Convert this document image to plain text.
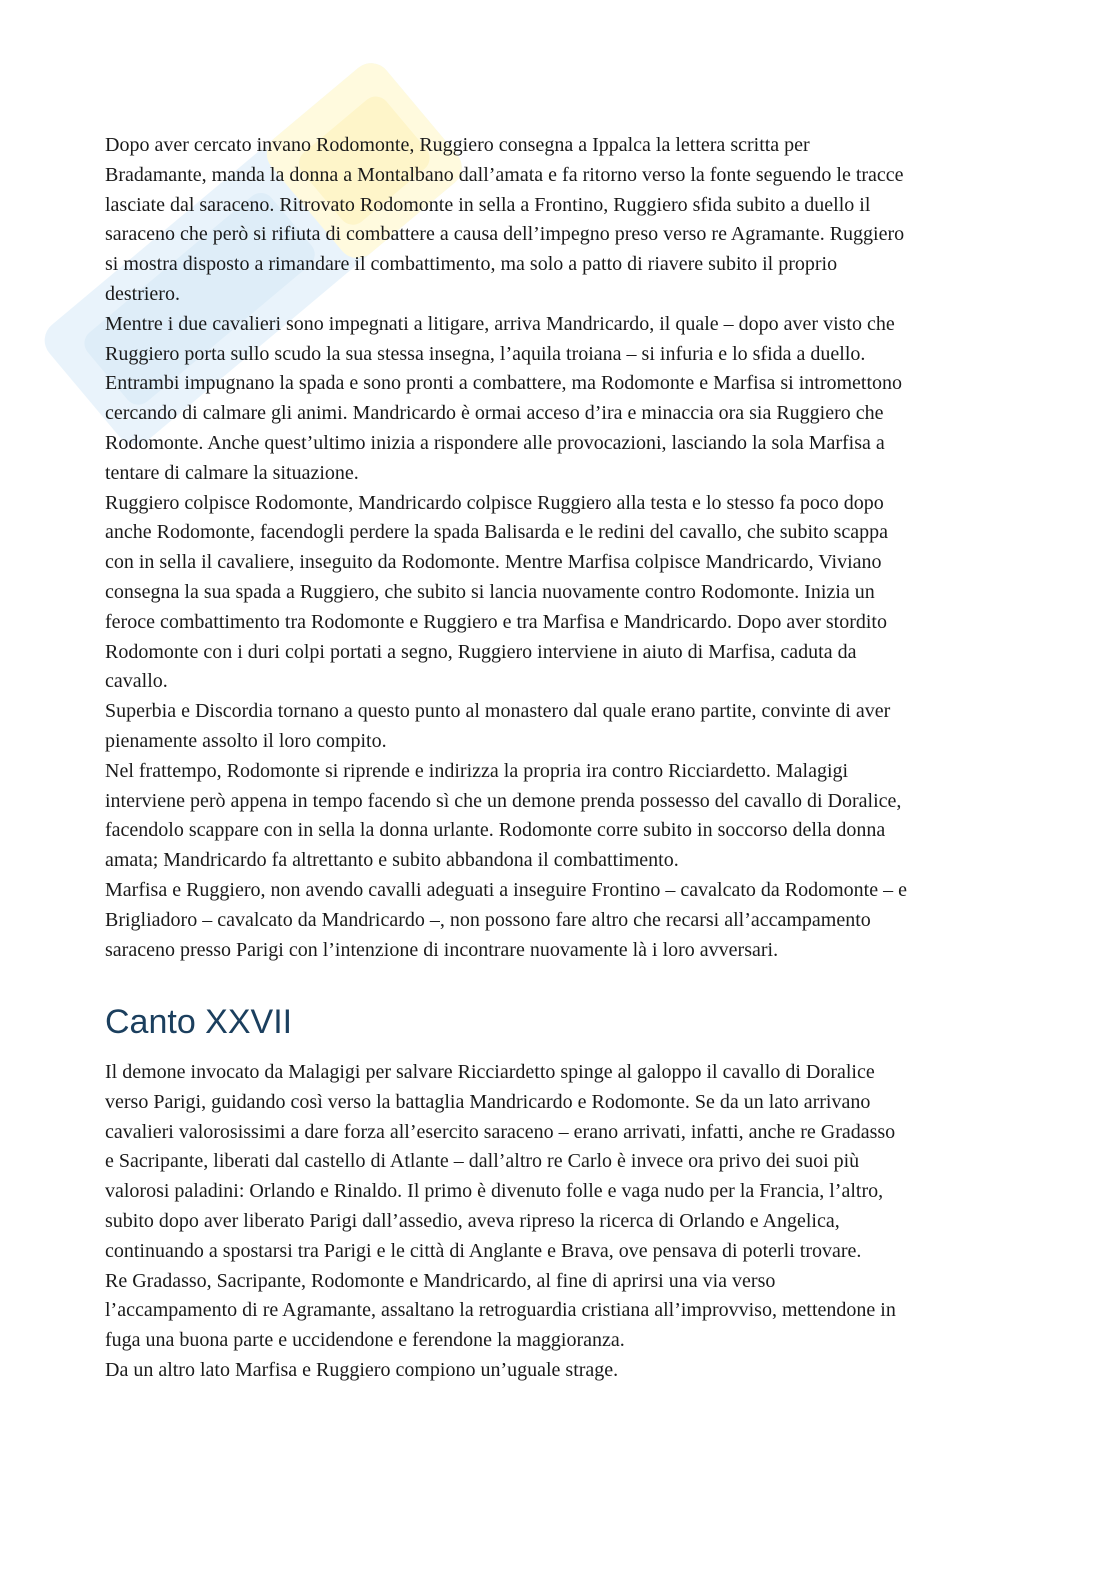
Dopo aver cercato invano Rodomonte, Ruggiero consegna a Ippalca la lettera scritta per
Bradamante, manda la donna a Montalbano dall’amata e fa ritorno verso la fonte seguendo le tracce
lasciate dal saraceno. Ritrovato Rodomonte in sella a Frontino, Ruggiero sfida subito a duello il
saraceno che però si rifiuta di combattere a causa dell’impegno preso verso re Agramante. Ruggiero
si mostra disposto a rimandare il combattimento, ma solo a patto di riavere subito il proprio
destriero.
Mentre i due cavalieri sono impegnati a litigare, arriva Mandricardo, il quale – dopo aver visto che
Ruggiero porta sullo scudo la sua stessa insegna, l’aquila troiana – si infuria e lo sfida a duello.
Entrambi impugnano la spada e sono pronti a combattere, ma Rodomonte e Marfisa si intromettono
cercando di calmare gli animi. Mandricardo è ormai acceso d’ira e minaccia ora sia Ruggiero che
Rodomonte. Anche quest’ultimo inizia a rispondere alle provocazioni, lasciando la sola Marfisa a
tentare di calmare la situazione.
Ruggiero colpisce Rodomonte, Mandricardo colpisce Ruggiero alla testa e lo stesso fa poco dopo
anche Rodomonte, facendogli perdere la spada Balisarda e le redini del cavallo, che subito scappa
con in sella il cavaliere, inseguito da Rodomonte. Mentre Marfisa colpisce Mandricardo, Viviano
consegna la sua spada a Ruggiero, che subito si lancia nuovamente contro Rodomonte. Inizia un
feroce combattimento tra Rodomonte e Ruggiero e tra Marfisa e Mandricardo. Dopo aver stordito
Rodomonte con i duri colpi portati a segno, Ruggiero interviene in aiuto di Marfisa, caduta da
cavallo.
Superbia e Discordia tornano a questo punto al monastero dal quale erano partite, convinte di aver
pienamente assolto il loro compito.
Nel frattempo, Rodomonte si riprende e indirizza la propria ira contro Ricciardetto. Malagigi
interviene però appena in tempo facendo sì che un demone prenda possesso del cavallo di Doralice,
facendolo scappare con in sella la donna urlante. Rodomonte corre subito in soccorso della donna
amata; Mandricardo fa altrettanto e subito abbandona il combattimento.
Marfisa e Ruggiero, non avendo cavalli adeguati a inseguire Frontino – cavalcato da Rodomonte – e
Brigliadoro – cavalcato da Mandricardo –, non possono fare altro che recarsi all’accampamento
saraceno presso Parigi con l’intenzione di incontrare nuovamente là i loro avversari.
Canto XXVII
Il demone invocato da Malagigi per salvare Ricciardetto spinge al galoppo il cavallo di Doralice
verso Parigi, guidando così verso la battaglia Mandricardo e Rodomonte. Se da un lato arrivano
cavalieri valorosissimi a dare forza all’esercito saraceno – erano arrivati, infatti, anche re Gradasso
e Sacripante, liberati dal castello di Atlante – dall’altro re Carlo è invece ora privo dei suoi più
valorosi paladini: Orlando e Rinaldo. Il primo è divenuto folle e vaga nudo per la Francia, l’altro,
subito dopo aver liberato Parigi dall’assedio, aveva ripreso la ricerca di Orlando e Angelica,
continuando a spostarsi tra Parigi e le città di Anglante e Brava, ove pensava di poterli trovare.
Re Gradasso, Sacripante, Rodomonte e Mandricardo, al fine di aprirsi una via verso
l’accampamento di re Agramante, assaltano la retroguardia cristiana all’improvviso, mettendone in
fuga una buona parte e uccidendone e ferendone la maggioranza.
Da un altro lato Marfisa e Ruggiero compiono un’uguale strage.
